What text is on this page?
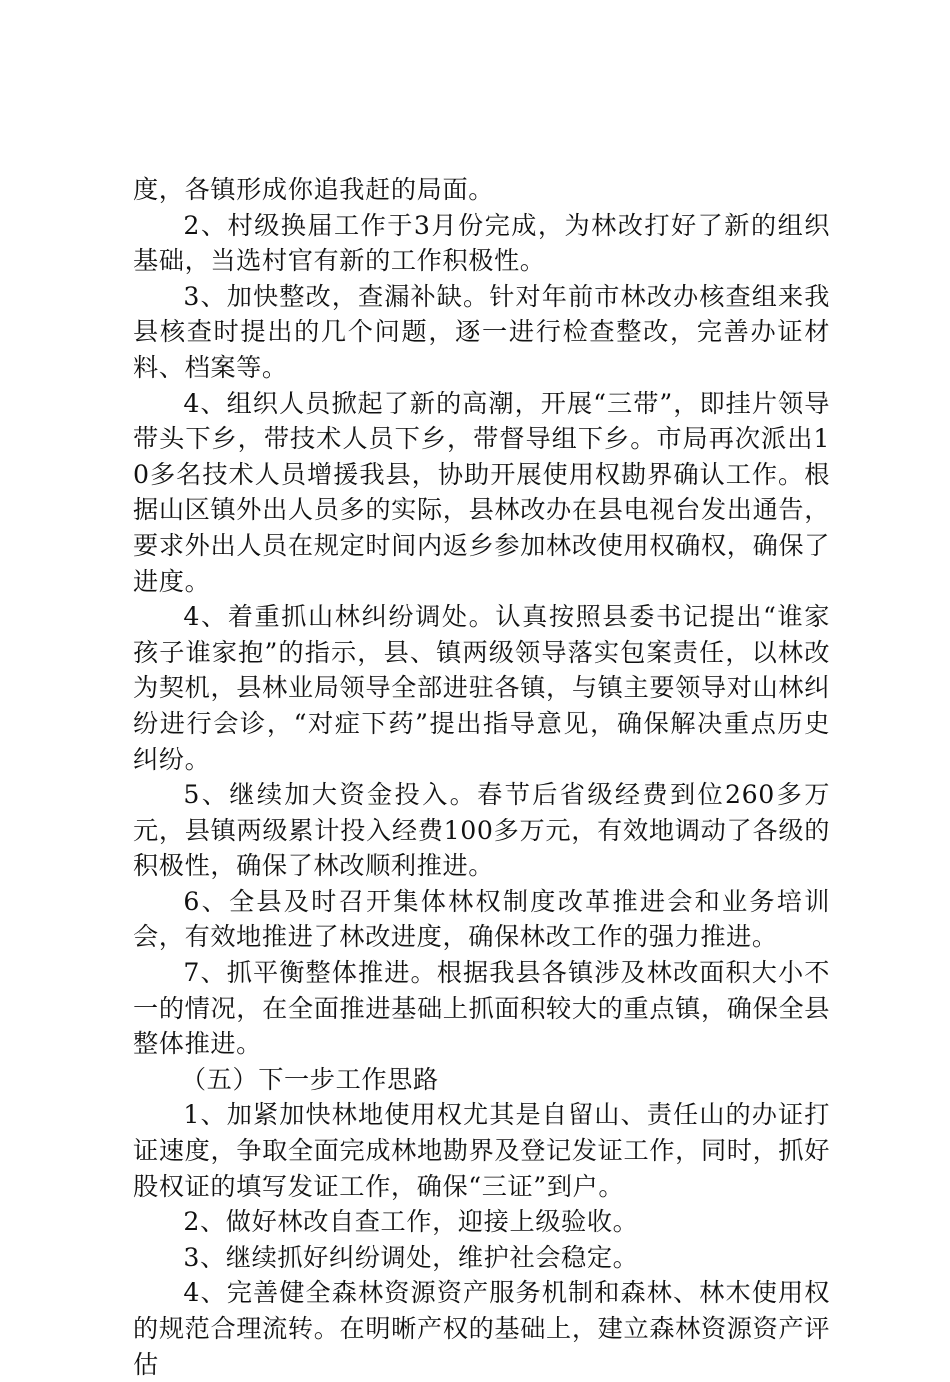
度，各镇形成你追我赶的局面。

2、村级换届工作于3月份完成，为林改打好了新的组织基础，当选村官有新的工作积极性。

3、加快整改，查漏补缺。针对年前市林改办核查组来我县核查时提出的几个问题，逐一进行检查整改，完善办证材料、档案等。

4、组织人员掀起了新的高潮，开展“三带”，即挂片领导带头下乡，带技术人员下乡，带督导组下乡。市局再次派出10多名技术人员增援我县，协助开展使用权勘界确认工作。根据山区镇外出人员多的实际，县林改办在县电视台发出通告，要求外出人员在规定时间内返乡参加林改使用权确权，确保了进度。

4、着重抓山林纠纷调处。认真按照县委书记提出“谁家孩子谁家抱”的指示，县、镇两级领导落实包案责任，以林改为契机，县林业局领导全部进驻各镇，与镇主要领导对山林纠纷进行会诊，“对症下药”提出指导意见，确保解决重点历史纠纷。

5、继续加大资金投入。春节后省级经费到位260多万元，县镇两级累计投入经费100多万元，有效地调动了各级的积极性，确保了林改顺利推进。

6、全县及时召开集体林权制度改革推进会和业务培训会，有效地推进了林改进度，确保林改工作的强力推进。

7、抓平衡整体推进。根据我县各镇涉及林改面积大小不一的情况，在全面推进基础上抓面积较大的重点镇，确保全县整体推进。

（五）下一步工作思路

1、加紧加快林地使用权尤其是自留山、责任山的办证打证速度，争取全面完成林地勘界及登记发证工作，同时，抓好股权证的填写发证工作，确保“三证”到户。

2、做好林改自查工作，迎接上级验收。

3、继续抓好纠纷调处，维护社会稳定。

4、完善健全森林资源资产服务机制和森林、林木使用权的规范合理流转。在明晰产权的基础上，建立森林资源资产评估
